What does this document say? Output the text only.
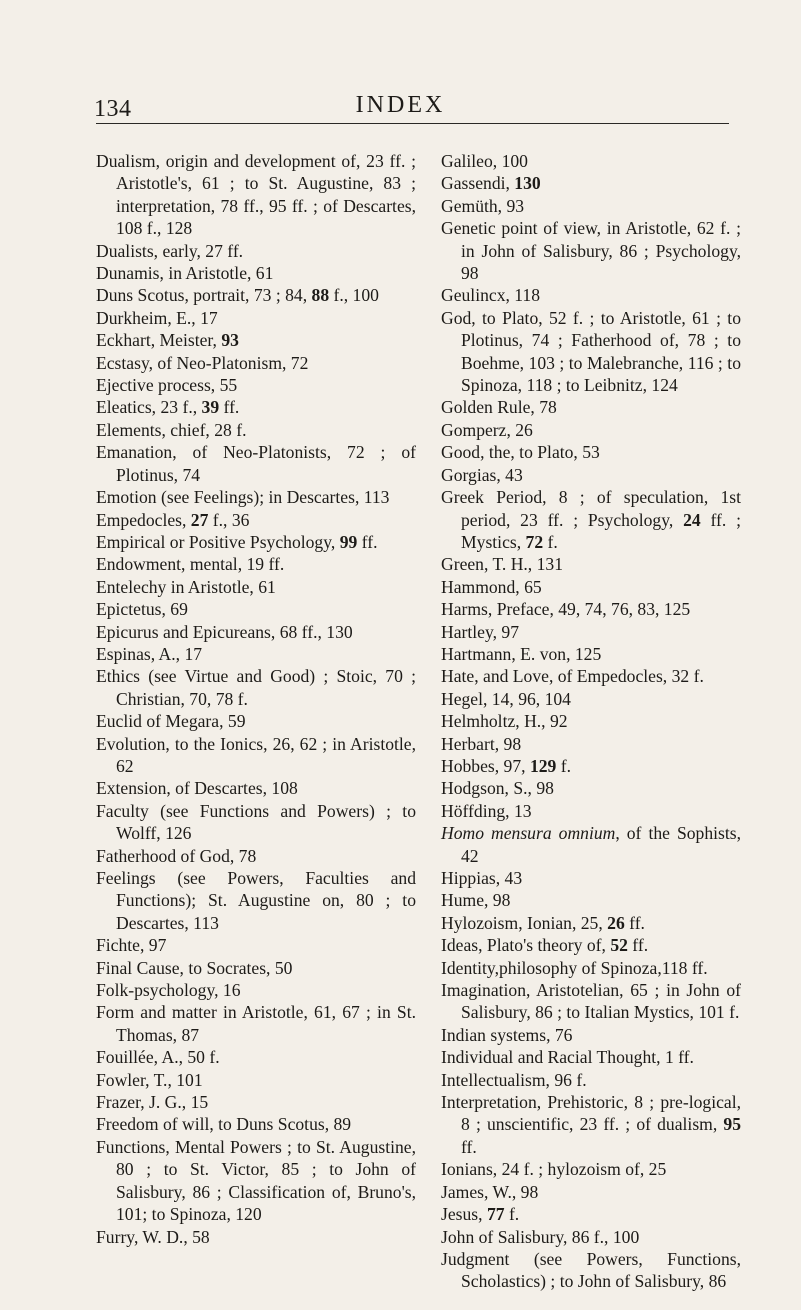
134	INDEX

Dualism, origin and development of, 23 ff. ; Aristotle's, 61 ; to St. Augustine, 83 ; interpretation, 78 ff., 95 ff. ; of Descartes, 108 f., 128

Dualists, early, 27 ff.

Dunamis, in Aristotle, 61

Duns Scotus, portrait, 73 ; 84, 88 f., 100

Durkheim, E., 17

Eckhart, Meister, 93

Ecstasy, of Neo-Platonism, 72

Ejective process, 55

Eleatics, 23 f., 39 ff.

Elements, chief, 28 f.

Emanation, of Neo-Platonists, 72 ; of Plotinus, 74

Emotion (see Feelings); in Descartes, 113

Empedocles, 27 f., 36

Empirical or Positive Psychology, 99 ff.

Endowment, mental, 19 ff.

Entelechy in Aristotle, 61

Epictetus, 69

Epicurus and Epicureans, 68 ff., 130

Espinas, A., 17

Ethics (see Virtue and Good) ; Stoic, 70 ; Christian, 70, 78 f.

Euclid of Megara, 59

Evolution, to the Ionics, 26, 62 ; in Aristotle, 62

Extension, of Descartes, 108

Faculty (see Functions and Powers) ; to Wolff, 126

Fatherhood of God, 78

Feelings (see Powers, Faculties and Functions); St. Augustine on, 80 ; to Descartes, 113

Fichte, 97

Final Cause, to Socrates, 50

Folk-psychology, 16

Form and matter in Aristotle, 61, 67 ; in St. Thomas, 87

Fouillée, A., 50 f.

Fowler, T., 101

Frazer, J. G., 15

Freedom of will, to Duns Scotus, 89

Functions, Mental Powers ; to St. Augustine, 80 ; to St. Victor, 85 ; to John of Salisbury, 86 ; Classification of, Bruno's, 101; to Spinoza, 120

Furry, W. D., 58

Galileo, 100

Gassendi, 130

Gemüth, 93

Genetic point of view, in Aristotle, 62 f. ; in John of Salisbury, 86 ; Psychology, 98

Geulincx, 118

God, to Plato, 52 f. ; to Aristotle, 61 ; to Plotinus, 74 ; Fatherhood of, 78 ; to Boehme, 103 ; to Malebranche, 116 ; to Spinoza, 118 ; to Leibnitz, 124

Golden Rule, 78

Gomperz, 26

Good, the, to Plato, 53

Gorgias, 43

Greek Period, 8 ; of speculation, 1st period, 23 ff. ; Psychology, 24 ff. ; Mystics, 72 f.

Green, T. H., 131

Hammond, 65

Harms, Preface, 49, 74, 76, 83, 125

Hartley, 97

Hartmann, E. von, 125

Hate, and Love, of Empedocles, 32 f.

Hegel, 14, 96, 104

Helmholtz, H., 92

Herbart, 98

Hobbes, 97, 129 f.

Hodgson, S., 98

Höffding, 13

Homo mensura omnium, of the Sophists, 42

Hippias, 43

Hume, 98

Hylozoism, Ionian, 25, 26 ff.

Ideas, Plato's theory of, 52 ff.

Identity,philosophy of Spinoza,118 ff.

Imagination, Aristotelian, 65 ; in John of Salisbury, 86 ; to Italian Mystics, 101 f.

Indian systems, 76

Individual and Racial Thought, 1 ff.

Intellectualism, 96 f.

Interpretation, Prehistoric, 8 ; pre-logical, 8 ; unscientific, 23 ff. ; of dualism, 95 ff.

Ionians, 24 f. ; hylozoism of, 25

James, W., 98

Jesus, 77 f.

John of Salisbury, 86 f., 100

Judgment (see Powers, Functions, Scholastics) ; to John of Salisbury, 86
